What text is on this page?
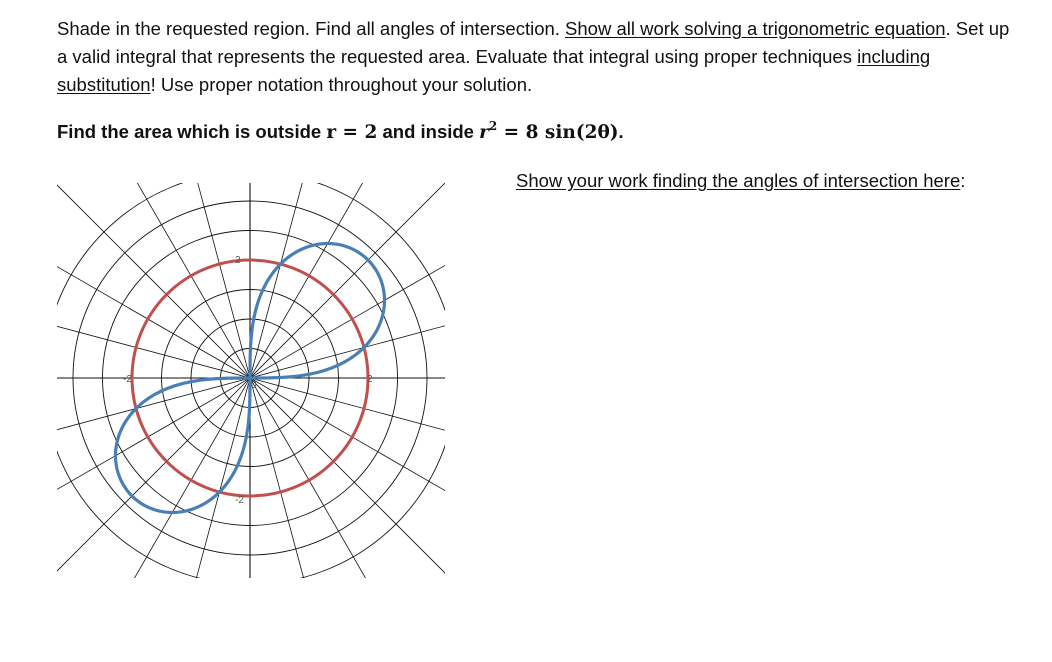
Shade in the requested region. Find all angles of intersection. Show all work solving a trigonometric equation. Set up a valid integral that represents the requested area. Evaluate that integral using proper techniques including substitution! Use proper notation throughout your solution.
Find the area which is outside r = 2 and inside $r^2 = 8$ sin(2θ).
Show your work finding the angles of intersection here:
-2	2
2
-2
0
